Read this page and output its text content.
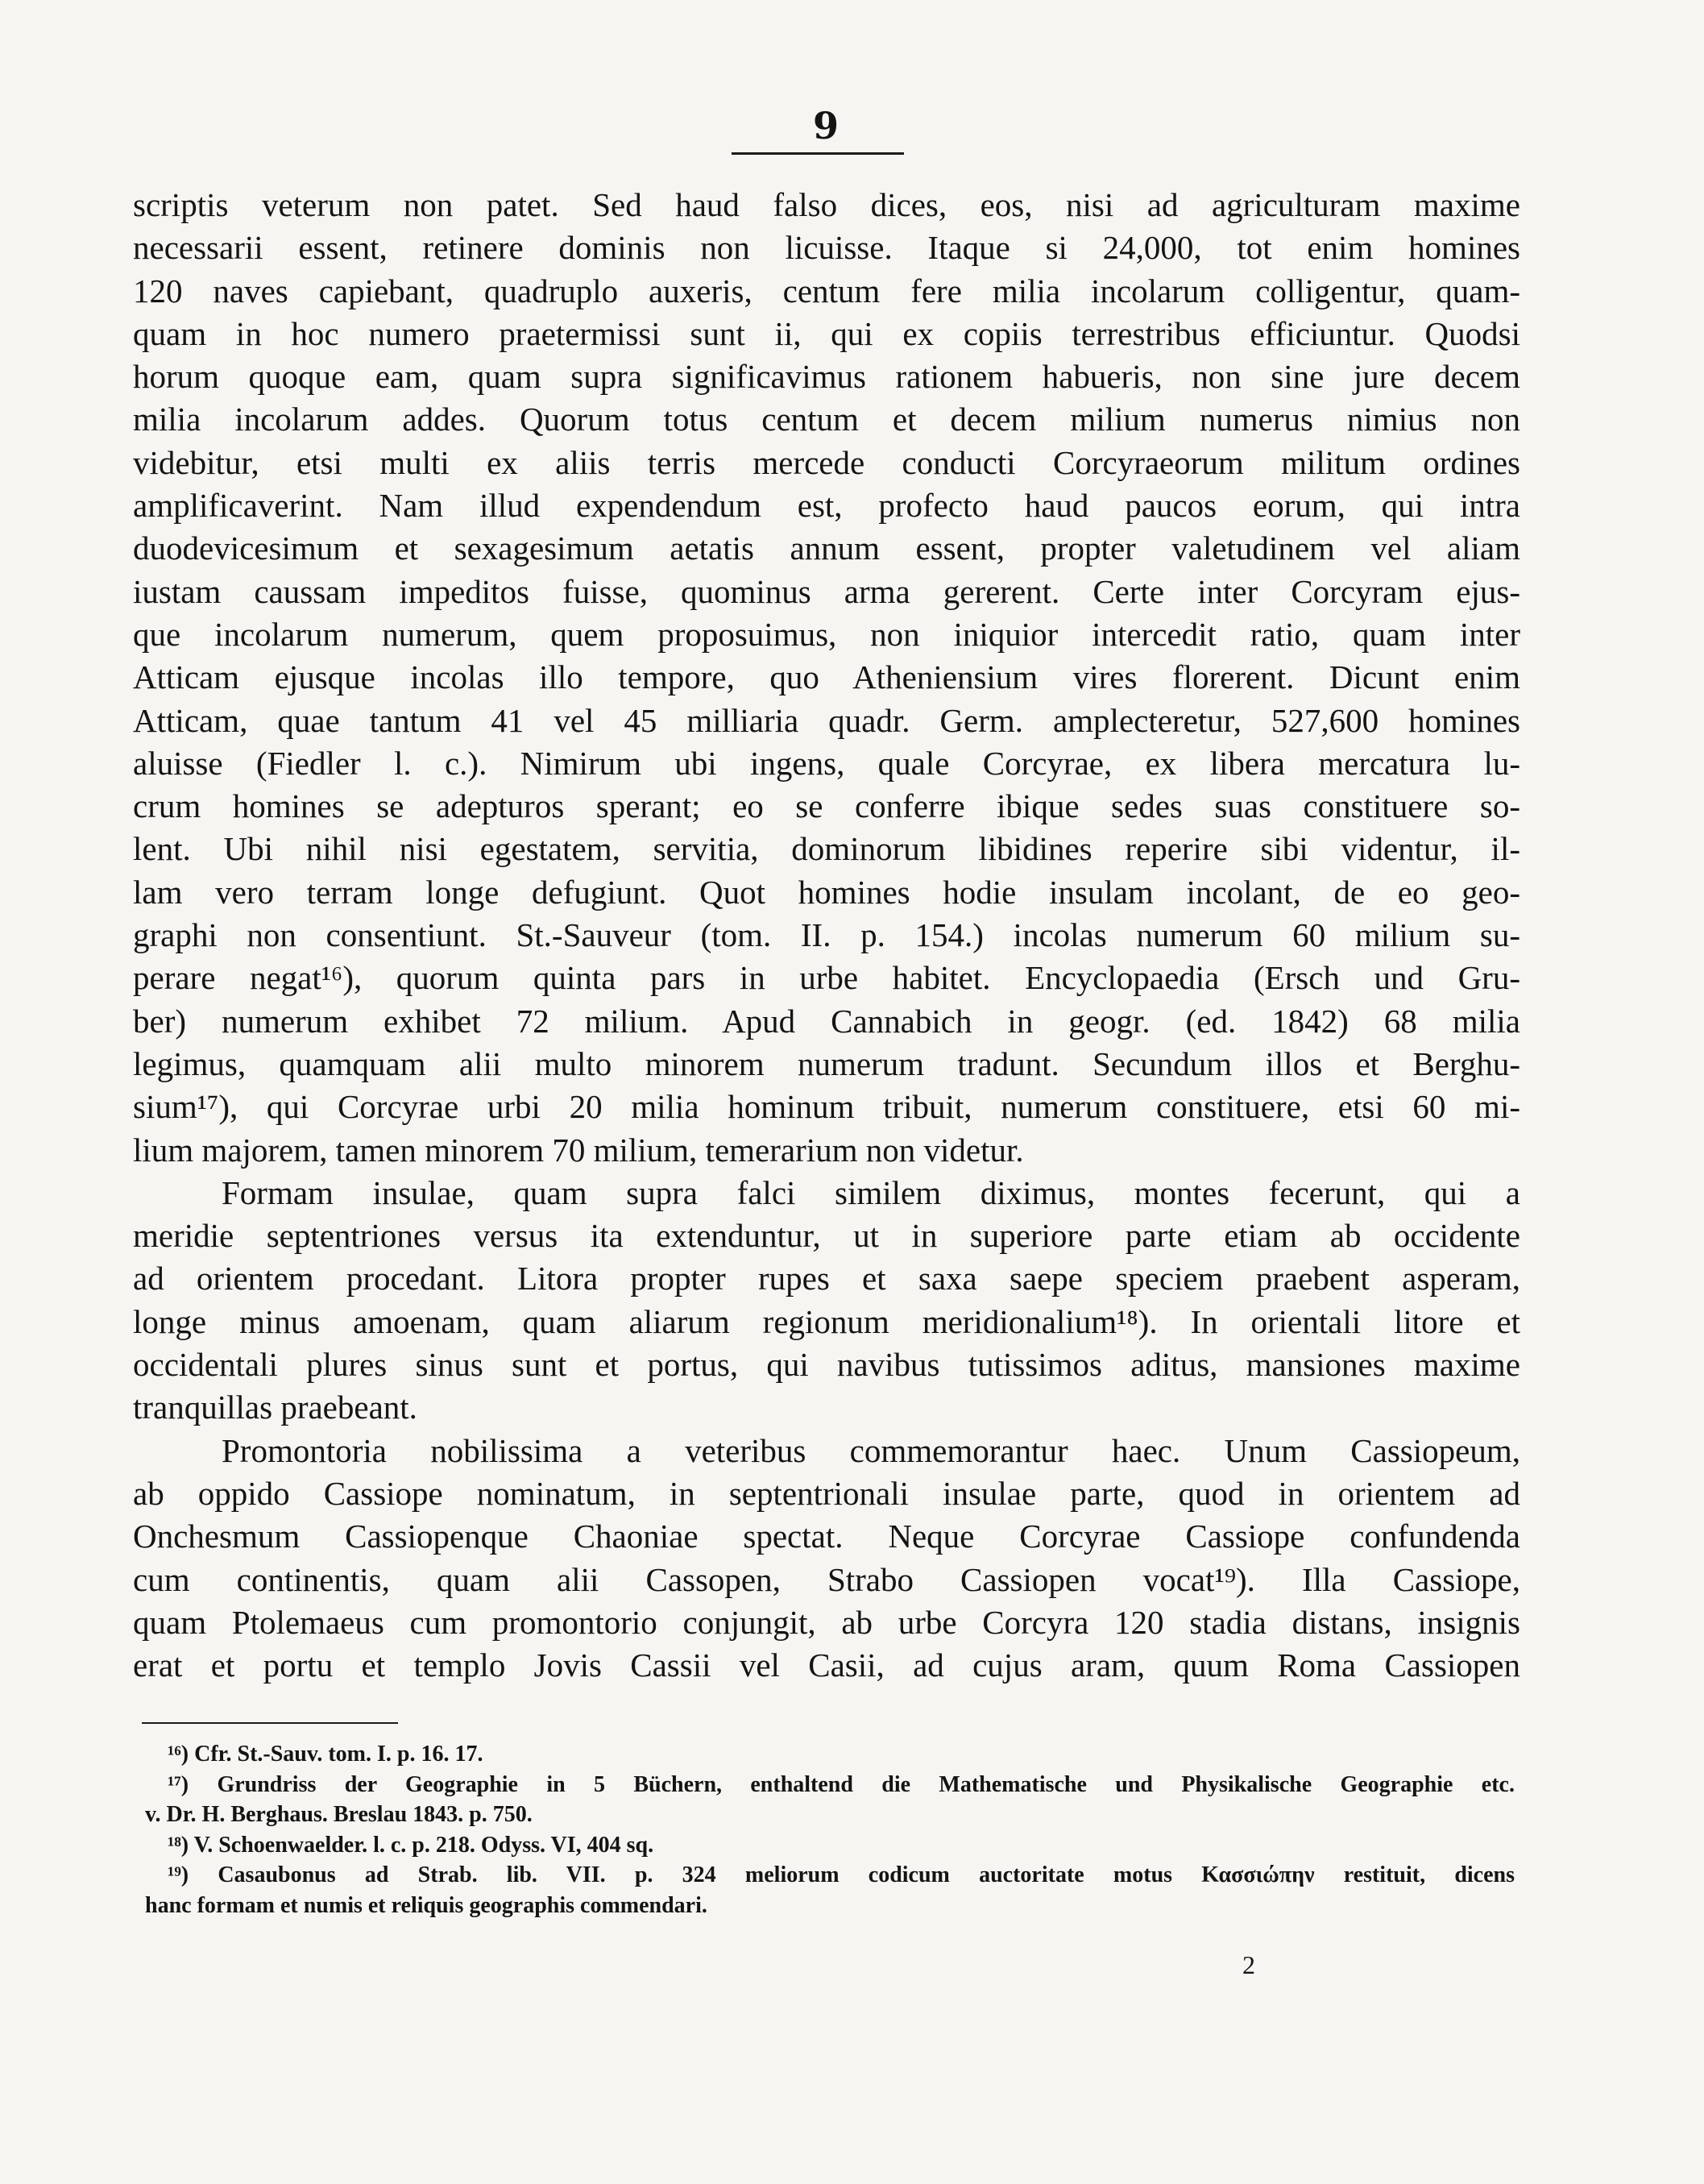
9
scriptis veterum non patet. Sed haud falso dices, eos, nisi ad agriculturam maxime
necessarii essent, retinere dominis non licuisse. Itaque si 24,000, tot enim homines
120 naves capiebant, quadruplo auxeris, centum fere milia incolarum colligentur, quam-
quam in hoc numero praetermissi sunt ii, qui ex copiis terrestribus efficiuntur. Quodsi
horum quoque eam, quam supra significavimus rationem habueris, non sine jure decem
milia incolarum addes. Quorum totus centum et decem milium numerus nimius non
videbitur, etsi multi ex aliis terris mercede conducti Corcyraeorum militum ordines
amplificaverint. Nam illud expendendum est, profecto haud paucos eorum, qui intra
duodevicesimum et sexagesimum aetatis annum essent, propter valetudinem vel aliam
iustam caussam impeditos fuisse, quominus arma gererent. Certe inter Corcyram ejus-
que incolarum numerum, quem proposuimus, non iniquior intercedit ratio, quam inter
Atticam ejusque incolas illo tempore, quo Atheniensium vires florerent. Dicunt enim
Atticam, quae tantum 41 vel 45 milliaria quadr. Germ. amplecteretur, 527,600 homines
aluisse (Fiedler l. c.). Nimirum ubi ingens, quale Corcyrae, ex libera mercatura lu-
crum homines se adepturos sperant; eo se conferre ibique sedes suas constituere so-
lent. Ubi nihil nisi egestatem, servitia, dominorum libidines reperire sibi videntur, il-
lam vero terram longe defugiunt. Quot homines hodie insulam incolant, de eo geo-
graphi non consentiunt. St.-Sauveur (tom. II. p. 154.) incolas numerum 60 milium su-
perare negat¹⁶), quorum quinta pars in urbe habitet. Encyclopaedia (Ersch und Gru-
ber) numerum exhibet 72 milium. Apud Cannabich in geogr. (ed. 1842) 68 milia
legimus, quamquam alii multo minorem numerum tradunt. Secundum illos et Berghu-
sium¹⁷), qui Corcyrae urbi 20 milia hominum tribuit, numerum constituere, etsi 60 mi-
lium majorem, tamen minorem 70 milium, temerarium non videtur.
Formam insulae, quam supra falci similem diximus, montes fecerunt, qui a
meridie septentriones versus ita extenduntur, ut in superiore parte etiam ab occidente
ad orientem procedant. Litora propter rupes et saxa saepe speciem praebent asperam,
longe minus amoenam, quam aliarum regionum meridionalium¹⁸). In orientali litore et
occidentali plures sinus sunt et portus, qui navibus tutissimos aditus, mansiones maxime
tranquillas praebeant.
Promontoria nobilissima a veteribus commemorantur haec. Unum Cassiopeum,
ab oppido Cassiope nominatum, in septentrionali insulae parte, quod in orientem ad
Onchesmum Cassiopenque Chaoniae spectat. Neque Corcyrae Cassiope confundenda
cum continentis, quam alii Cassopen, Strabo Cassiopen vocat¹⁹). Illa Cassiope,
quam Ptolemaeus cum promontorio conjungit, ab urbe Corcyra 120 stadia distans, insignis
erat et portu et templo Jovis Cassii vel Casii, ad cujus aram, quum Roma Cassiopen
¹⁶) Cfr. St.-Sauv. tom. I. p. 16. 17.
¹⁷) Grundriss der Geographie in 5 Büchern, enthaltend die Mathematische und Physikalische Geographie etc.
v. Dr. H. Berghaus. Breslau 1843. p. 750.
¹⁸) V. Schoenwaelder. l. c. p. 218. Odyss. VI, 404 sq.
¹⁹) Casaubonus ad Strab. lib. VII. p. 324 meliorum codicum auctoritate motus Κασσιώπην restituit, dicens
hanc formam et numis et reliquis geographis commendari.
2
